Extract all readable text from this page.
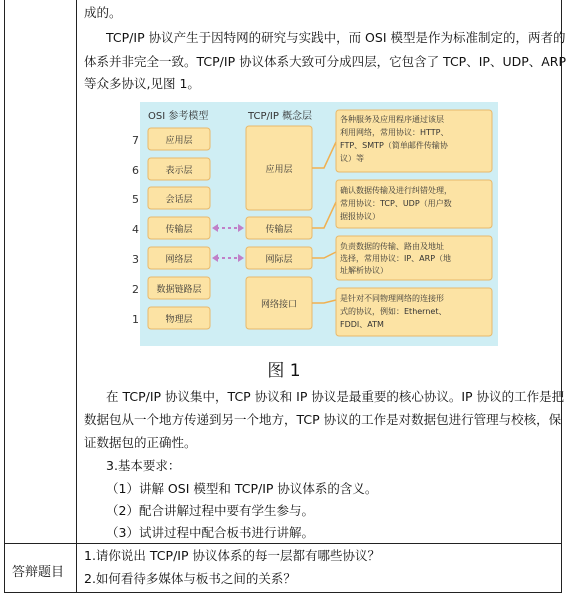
成的。
TCP/IP 协议产生于因特网的研究与实践中，而 OSI 模型是作为标准制定的，两者的
体系并非完全一致。TCP/IP 协议体系大致可分成四层，它包含了 TCP、IP、UDP、ARP
等众多协议,见图 1。
OSI 参考模型	TCP/IP 概念层
7
6
5
4
3
2
1
应用层
表示层
会话层
传输层
网络层
数据链路层
物理层
应用层
传输层
网际层
网络接口
各种服务及应用程序通过该层
利用网络，常用协议：HTTP、
FTP、SMTP（简单邮件传输协
议）等
确认数据传输及进行纠错处理，
常用协议：TCP、UDP（用户数
据报协议）
负责数据的传输、路由及地址
选择，常用协议：IP、ARP（地
址解析协议）
是针对不同物理网络的连接形
式的协议，例如：Ethernet、
FDDI、ATM
图 1
在 TCP/IP 协议集中，TCP 协议和 IP 协议是最重要的核心协议。IP 协议的工作是把
数据包从一个地方传递到另一个地方，TCP 协议的工作是对数据包进行管理与校核，保
证数据包的正确性。
3.基本要求：
（1）讲解 OSI 模型和 TCP/IP 协议体系的含义。
（2）配合讲解过程中要有学生参与。
（3）试讲过程中配合板书进行讲解。
答辩题目
1.请你说出 TCP/IP 协议体系的每一层都有哪些协议？
2.如何看待多媒体与板书之间的关系？
